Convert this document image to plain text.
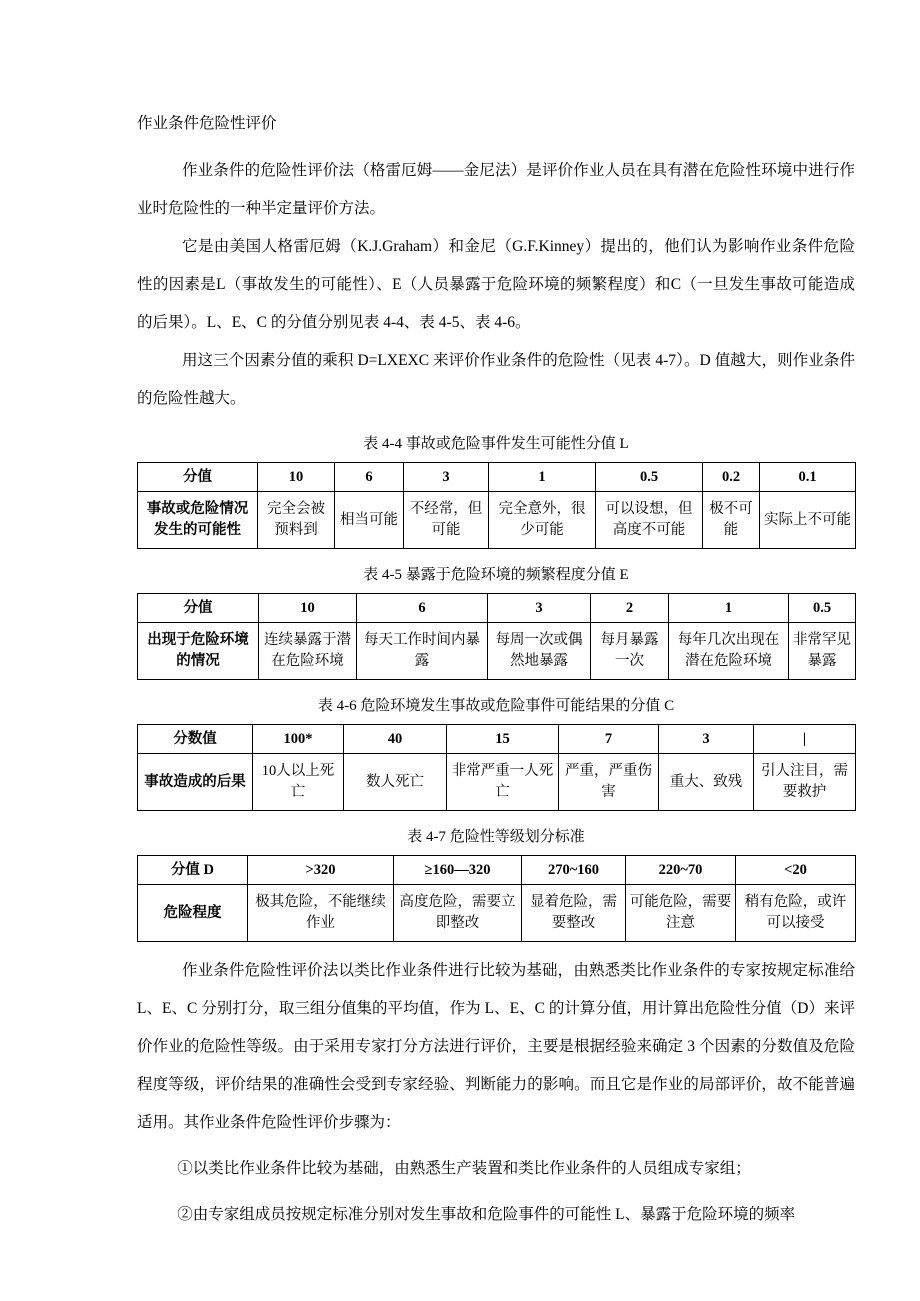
作业条件危险性评价

作业条件的危险性评价法（格雷厄姆——金尼法）是评价作业人员在具有潜在危险性环境中进行作业时危险性的一种半定量评价方法。

它是由美国人格雷厄姆（K.J.Graham）和金尼（G.F.Kinney）提出的，他们认为影响作业条件危险性的因素是L（事故发生的可能性）、E（人员暴露于危险环境的频繁程度）和C（一旦发生事故可能造成的后果）。L、E、C 的分值分别见表 4-4、表 4-5、表 4-6。

用这三个因素分值的乘积 D=LXEXC 来评价作业条件的危险性（见表 4-7）。D 值越大，则作业条件的危险性越大。

表 4-4 事故或危险事件发生可能性分值 L
分值	10	6	3	1	0.5	0.2	0.1
事故或危险情况发生的可能性	完全会被预料到	相当可能	不经常，但可能	完全意外，很少可能	可以设想，但高度不可能	极不可能	实际上不可能
表 4-5 暴露于危险环境的频繁程度分值 E
分值	10	6	3	2	1	0.5
出现于危险环境的情况	连续暴露于潜在危险环境	每天工作时间内暴露	每周一次或偶然地暴露	每月暴露一次	每年几次出现在潜在危险环境	非常罕见暴露
表 4-6 危险环境发生事故或危险事件可能结果的分值 C
分数值	100*	40	15	7	3	|
事故造成的后果	10人以上死亡	数人死亡	非常严重一人死亡	严重，严重伤害	重大、致残	引人注目，需要救护
表 4-7 危险性等级划分标准
分值 D	>320	≥160—320	270~160	220~70	<20
危险程度	极其危险，不能继续作业	高度危险，需要立即整改	显着危险，需要整改	可能危险，需要注意	稍有危险，或许可以接受

作业条件危险性评价法以类比作业条件进行比较为基础，由熟悉类比作业条件的专家按规定标准给 L、E、C 分别打分，取三组分值集的平均值，作为 L、E、C 的计算分值，用计算出危险性分值（D）来评价作业的危险性等级。由于采用专家打分方法进行评价，主要是根据经验来确定 3 个因素的分数值及危险程度等级，评价结果的准确性会受到专家经验、判断能力的影响。而且它是作业的局部评价，故不能普遍适用。其作业条件危险性评价步骤为：

①以类比作业条件比较为基础，由熟悉生产装置和类比作业条件的人员组成专家组；

②由专家组成员按规定标准分别对发生事故和危险事件的可能性 L、暴露于危险环境的频率
